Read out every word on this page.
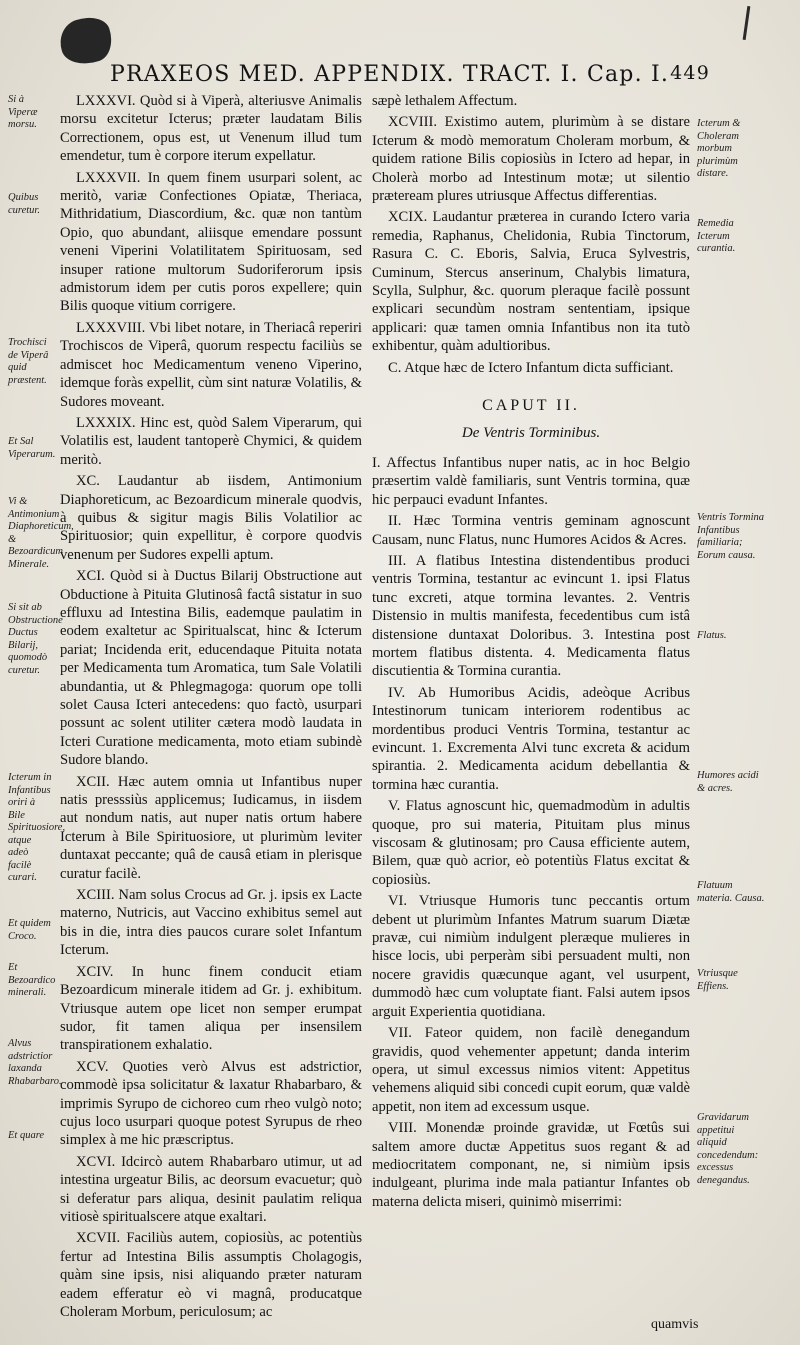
PRAXEOS MED. APPENDIX. TRACT. I. Cap. I. 449

LXXXVI. Quòd si à Viperà, alteriusve Animalis morsu excitetur Icterus; præter laudatam Bilis Correctionem, opus est, ut Venenum illud tum emendetur, tum è corpore iterum expellatur.

LXXXVII. In quem finem usurpari solent, ac meritò, variæ Confectiones Opiatæ, Theriaca, Mithridatium, Diascordium, &c. quæ non tantùm Opio, quo abundant, aliisque emendare possunt veneni Viperini Volatilitatem Spirituosam, sed insuper ratione multorum Sudoriferorum ipsis admistorum idem per cutis poros expellere; quin Bilis quoque vitium corrigere.

LXXXVIII. Vbi libet notare, in Theriacâ reperiri Trochiscos de Viperâ, quorum respectu faciliùs se admiscet hoc Medicamentum veneno Viperino, idemque foràs expellit, cùm sint naturæ Volatilis, & Sudores moveant.

LXXXIX. Hinc est, quòd Salem Viperarum, qui Volatilis est, laudent tantoperè Chymici, & quidem meritò.

XC. Laudantur ab iisdem, Antimonium Diaphoreticum, ac Bezoardicum minerale quodvis, à quibus & sigitur magis Bilis Volatilior ac Spirituosior; quin expellitur, è corpore quodvis venenum per Sudores expelli aptum.

XCI. Quòd si à Ductus Bilarij Obstructione aut Obductione à Pituita Glutinosâ factâ sistatur in suo effluxu ad Intestina Bilis, eademque paulatim in eodem exaltetur ac Spiritualscat, hinc & Icterum pariat; Incidenda erit, educendaque Pituita notata per Medicamenta tum Aromatica, tum Sale Volatili abundantia, ut & Phlegmagoga: quorum ope tolli solet Causa Icteri antecedens: quo factò, usurpari possunt ac solent utiliter cætera modò laudata in Icteri Curatione medicamenta, moto etiam subindè Sudore blando.

XCII. Hæc autem omnia ut Infantibus nuper natis presssiùs applicemus; Iudicamus, in iisdem aut nondum natis, aut nuper natis ortum habere Icterum à Bile Spirituosiore, ut plurimùm leviter duntaxat peccante; quâ de causâ etiam in plerisque curatur facilè.

XCIII. Nam solus Crocus ad Gr. j. ipsis ex Lacte materno, Nutricis, aut Vaccino exhibitus semel aut bis in die, intra dies paucos curare solet Infantum Icterum.

XCIV. In hunc finem conducit etiam Bezoardicum minerale itidem ad Gr. j. exhibitum. Vtriusque autem ope licet non semper erumpat sudor, fit tamen aliqua per insensilem transpirationem exhalatio.

XCV. Quoties verò Alvus est adstrictior, commodè ipsa solicitatur & laxatur Rhabarbaro, & imprimis Syrupo de cichoreo cum rheo vulgò noto; cujus loco usurpari quoque potest Syrupus de rheo simplex à me hic præscriptus.

XCVI. Idcircò autem Rhabarbaro utimur, ut ad intestina urgeatur Bilis, ac deorsum evacuetur; quò si deferatur pars aliqua, desinit paulatim reliqua vitiosè spiritualscere atque exaltari.

XCVII. Faciliùs autem, copiosiùs, ac potentiùs fertur ad Intestina Bilis assumptis Cholagogis, quàm sine ipsis, nisi aliquando præter naturam eadem efferatur eò vi magnâ, producatque Choleram Morbum, periculosum; ac

sæpè lethalem Affectum.

XCVIII. Existimo autem, plurimùm à se distare Icterum & modò memoratum Choleram morbum, & quidem ratione Bilis copiosiùs in Ictero ad hepar, in Cholerà morbo ad Intestinum motæ; ut silentio præteream plures utriusque Affectus differentias.

XCIX. Laudantur præterea in curando Ictero varia remedia, Raphanus, Chelidonia, Rubia Tinctorum, Rasura C. C. Eboris, Salvia, Eruca Sylvestris, Cuminum, Stercus anserinum, Chalybis limatura, Scylla, Sulphur, &c. quorum pleraque facilè possunt explicari secundùm nostram sententiam, ipsique applicari: quæ tamen omnia Infantibus non ita tutò exhibentur, quàm adultioribus.

C. Atque hæc de Ictero Infantum dicta sufficiant.

CAPUT II.
De Ventris Torminibus.

I. Affectus Infantibus nuper natis, ac in hoc Belgio præsertim valdè familiaris, sunt Ventris tormina, quæ hic perpauci evadunt Infantes.

II. Hæc Tormina ventris geminam agnoscunt Causam, nunc Flatus, nunc Humores Acidos & Acres.

III. A flatibus Intestina distendentibus produci ventris Tormina, testantur ac evincunt 1. ipsi Flatus tunc excreti, atque tormina levantes. 2. Ventris Distensio in multis manifesta, fecedentibus cum istâ distensione duntaxat Doloribus. 3. Intestina post mortem flatibus distenta. 4. Medicamenta flatus discutientia & Tormina curantia.

IV. Ab Humoribus Acidis, adeòque Acribus Intestinorum tunicam interiorem rodentibus ac mordentibus produci Ventris Tormina, testantur ac evincunt. 1. Excrementa Alvi tunc excreta & acidum spirantia. 2. Medicamenta acidum debellantia & tormina hæc curantia.

V. Flatus agnoscunt hic, quemadmodùm in adultis quoque, pro sui materia, Pituitam plus minus viscosam & glutinosam; pro Causa efficiente autem, Bilem, quæ quò acrior, eò potentiùs Flatus excitat & copiosiùs.

VI. Vtriusque Humoris tunc peccantis ortum debent ut plurimùm Infantes Matrum suarum Diætæ pravæ, cui nimiùm indulgent pleræque mulieres in hisce locis, ubi perperàm sibi persuadent multi, non nocere gravidis quæcunque agant, vel usurpent, dummodò hæc cum voluptate fiant. Falsi autem ipsos arguit Experientia quotidiana.

VII. Fateor quidem, non facilè denegandum gravidis, quod vehementer appetunt; danda interim opera, ut simul excessus nimios vitent: Appetitus vehemens aliquid sibi concedi cupit eorum, quæ valdè appetit, non item ad excessum usque.

VIII. Monendæ proinde gravidæ, ut Fœtûs sui saltem amore ductæ Appetitus suos regant & ad mediocritatem componant, ne, si nimiùm ipsis indulgeant, plurima inde mala patiantur Infantes ob materna delicta miseri, quinimò miserrimi:

Si à Viperæ morsu.
Quibus curetur.
Trochisci de Viperâ quid præstent.
Et Sal Viperarum.
Vi & Antimonium Diaphoreticum, & Bezoardicum Minerale.
Si sit ab Obstructione Ductus Bilarij, quomodò curetur.
Icterum in Infantibus oriri à Bile Spirituosiore, atque adeò facilè curari.
Et quidem Croco.
Et Bezoardico minerali.
Alvus adstrictior laxanda Rhabarbaro.
Et quare
Icterum & Choleram morbum plurimùm distare.
Remedia Icterum curantia.
Ventris Tormina Infantibus familiaria; Eorum causa.
Flatus.
Humores acidi & acres.
Flatuum materia. Causa.
Vtriusque Effiens.
Gravidarum appetitui aliquid concedendum: excessus denegandus.
quamvis
